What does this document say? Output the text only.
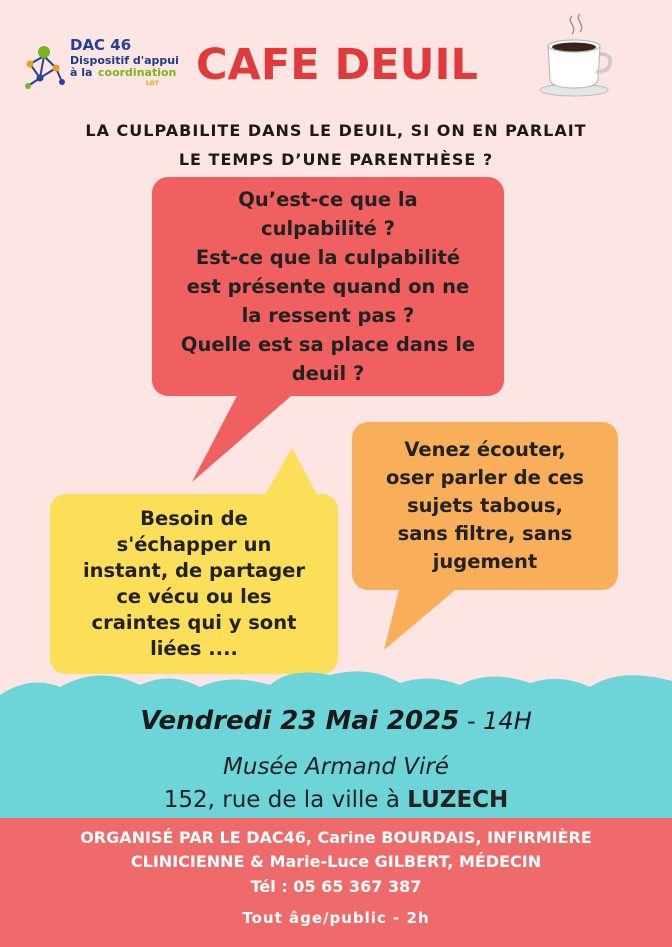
DAC 46
Dispositif d'appui
à la coordination
LOT CAFE DEUIL
LA CULPABILITE DANS LE DEUIL, SI ON EN PARLAIT
LE TEMPS D’UNE PARENTHÈSE ?
Qu’est-ce que la
culpabilité ?
Est-ce que la culpabilité
est présente quand on ne
la ressent pas ?
Quelle est sa place dans le
deuil ?
Venez écouter,
oser parler de ces
sujets tabous,
sans filtre, sans
jugement
Besoin de
s'échapper un
instant, de partager
ce vécu ou les
craintes qui y sont
liées ....
Vendredi 23 Mai 2025 - 14H
Musée Armand Viré
152, rue de la ville à LUZECH
ORGANISÉ PAR LE DAC46, Carine BOURDAIS, INFIRMIÈRE
CLINICIENNE & Marie-Luce GILBERT, MÉDECIN
Tél : 05 65 367 387
Tout âge/public - 2h
